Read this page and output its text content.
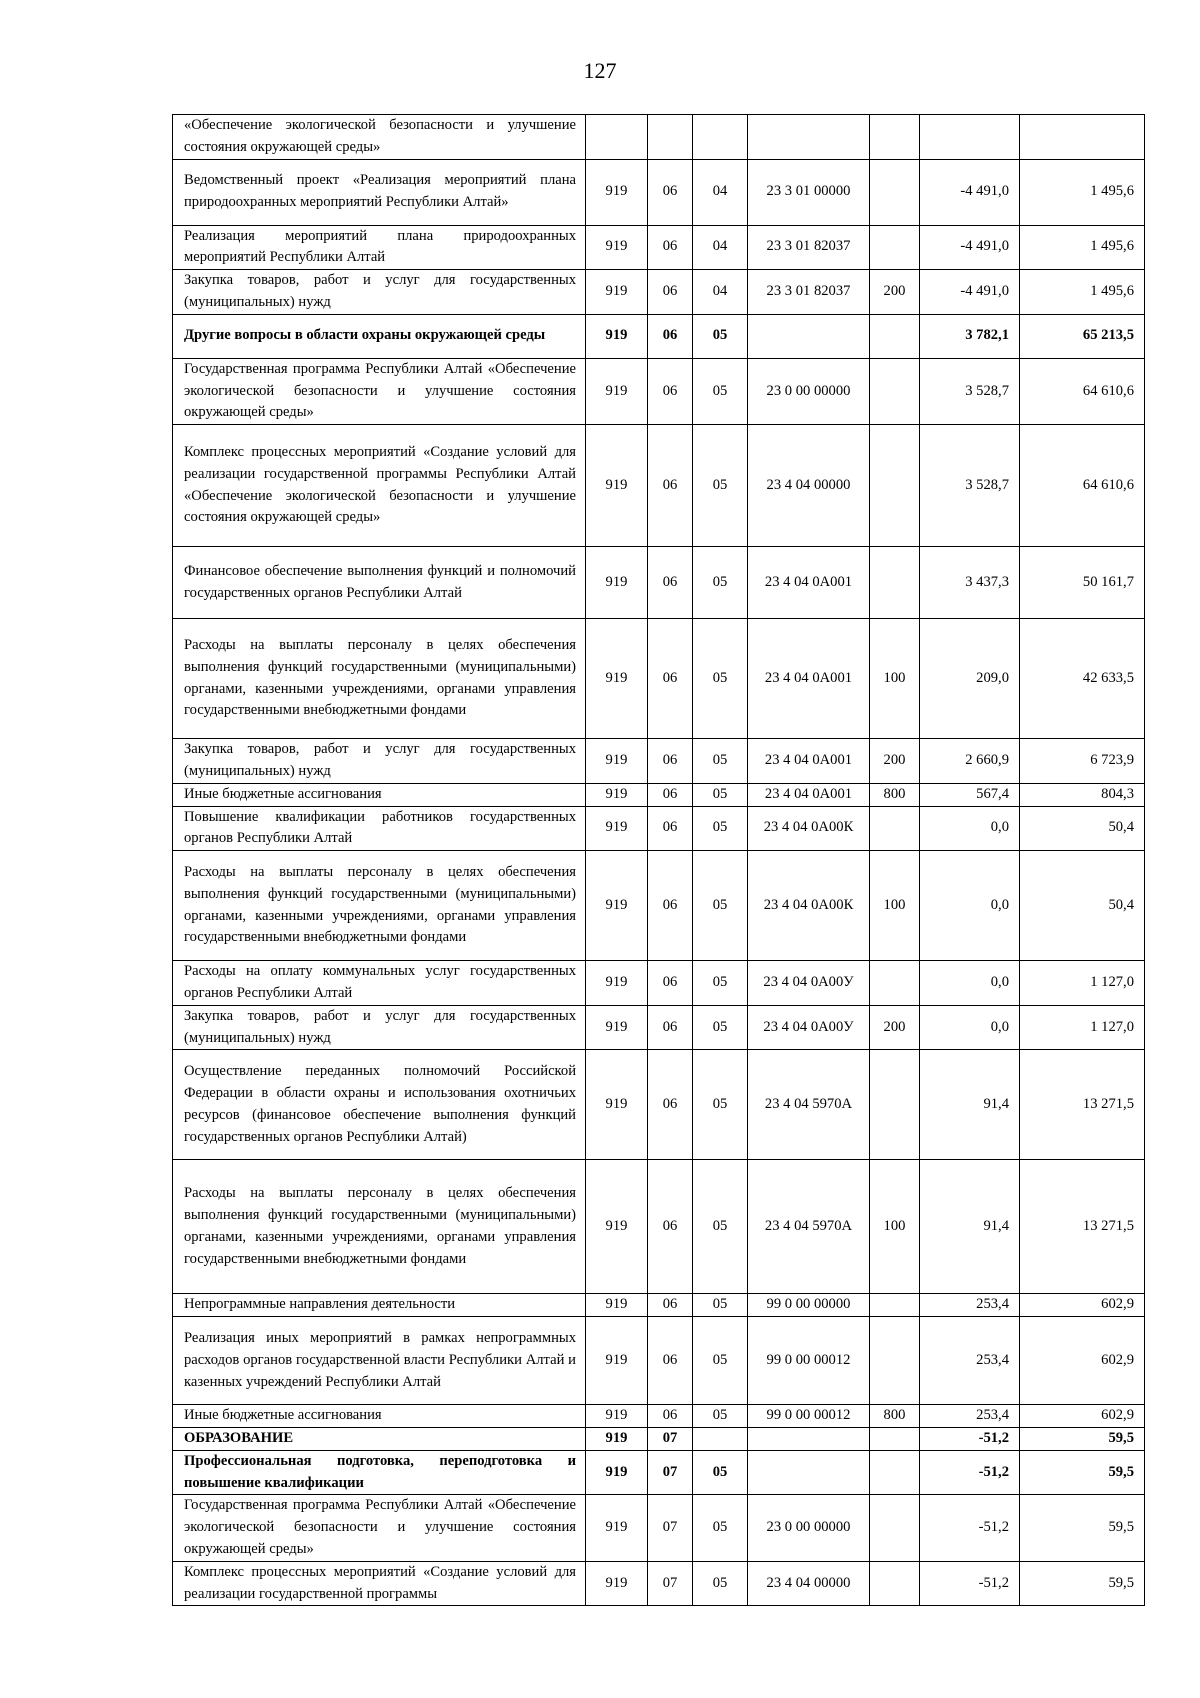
127
«Обеспечение экологической безопасности и улучшение состояния окружающей среды»							
Ведомственный проект «Реализация мероприятий плана природоохранных мероприятий Республики Алтай»	919	06	04	23 3 01 00000		-4 491,0	1 495,6
Реализация мероприятий плана природоохранных мероприятий Республики Алтай	919	06	04	23 3 01 82037		-4 491,0	1 495,6
Закупка товаров, работ и услуг для государственных (муниципальных) нужд	919	06	04	23 3 01 82037	200	-4 491,0	1 495,6
Другие вопросы в области охраны окружающей среды	919	06	05			3 782,1	65 213,5
Государственная программа Республики Алтай «Обеспечение экологической безопасности и улучшение состояния окружающей среды»	919	06	05	23 0 00 00000		3 528,7	64 610,6
Комплекс процессных мероприятий «Создание условий для реализации государственной программы Республики Алтай «Обеспечение экологической безопасности и улучшение состояния окружающей среды»	919	06	05	23 4 04 00000		3 528,7	64 610,6
Финансовое обеспечение выполнения функций и полномочий государственных органов Республики Алтай	919	06	05	23 4 04 0А001		3 437,3	50 161,7
Расходы на выплаты персоналу в целях обеспечения выполнения функций государственными (муниципальными) органами, казенными учреждениями, органами управления государственными внебюджетными фондами	919	06	05	23 4 04 0А001	100	209,0	42 633,5
Закупка товаров, работ и услуг для государственных (муниципальных) нужд	919	06	05	23 4 04 0А001	200	2 660,9	6 723,9
Иные бюджетные ассигнования	919	06	05	23 4 04 0А001	800	567,4	804,3
Повышение квалификации работников государственных органов Республики Алтай	919	06	05	23 4 04 0А00К		0,0	50,4
Расходы на выплаты персоналу в целях обеспечения выполнения функций государственными (муниципальными) органами, казенными учреждениями, органами управления государственными внебюджетными фондами	919	06	05	23 4 04 0А00К	100	0,0	50,4
Расходы на оплату коммунальных услуг государственных органов Республики Алтай	919	06	05	23 4 04 0А00У		0,0	1 127,0
Закупка товаров, работ и услуг для государственных (муниципальных) нужд	919	06	05	23 4 04 0А00У	200	0,0	1 127,0
Осуществление переданных полномочий Российской Федерации в области охраны и использования охотничьих ресурсов (финансовое обеспечение выполнения функций государственных органов Республики Алтай)	919	06	05	23 4 04 5970А		91,4	13 271,5
Расходы на выплаты персоналу в целях обеспечения выполнения функций государственными (муниципальными) органами, казенными учреждениями, органами управления государственными внебюджетными фондами	919	06	05	23 4 04 5970А	100	91,4	13 271,5
Непрограммные направления деятельности	919	06	05	99 0 00 00000		253,4	602,9
Реализация иных мероприятий в рамках непрограммных расходов органов государственной власти Республики Алтай и казенных учреждений Республики Алтай	919	06	05	99 0 00 00012		253,4	602,9
Иные бюджетные ассигнования	919	06	05	99 0 00 00012	800	253,4	602,9
ОБРАЗОВАНИЕ	919	07				-51,2	59,5
Профессиональная подготовка, переподготовка и повышение квалификации	919	07	05			-51,2	59,5
Государственная программа Республики Алтай «Обеспечение экологической безопасности и улучшение состояния окружающей среды»	919	07	05	23 0 00 00000		-51,2	59,5
Комплекс процессных мероприятий «Создание условий для реализации государственной программы	919	07	05	23 4 04 00000		-51,2	59,5
